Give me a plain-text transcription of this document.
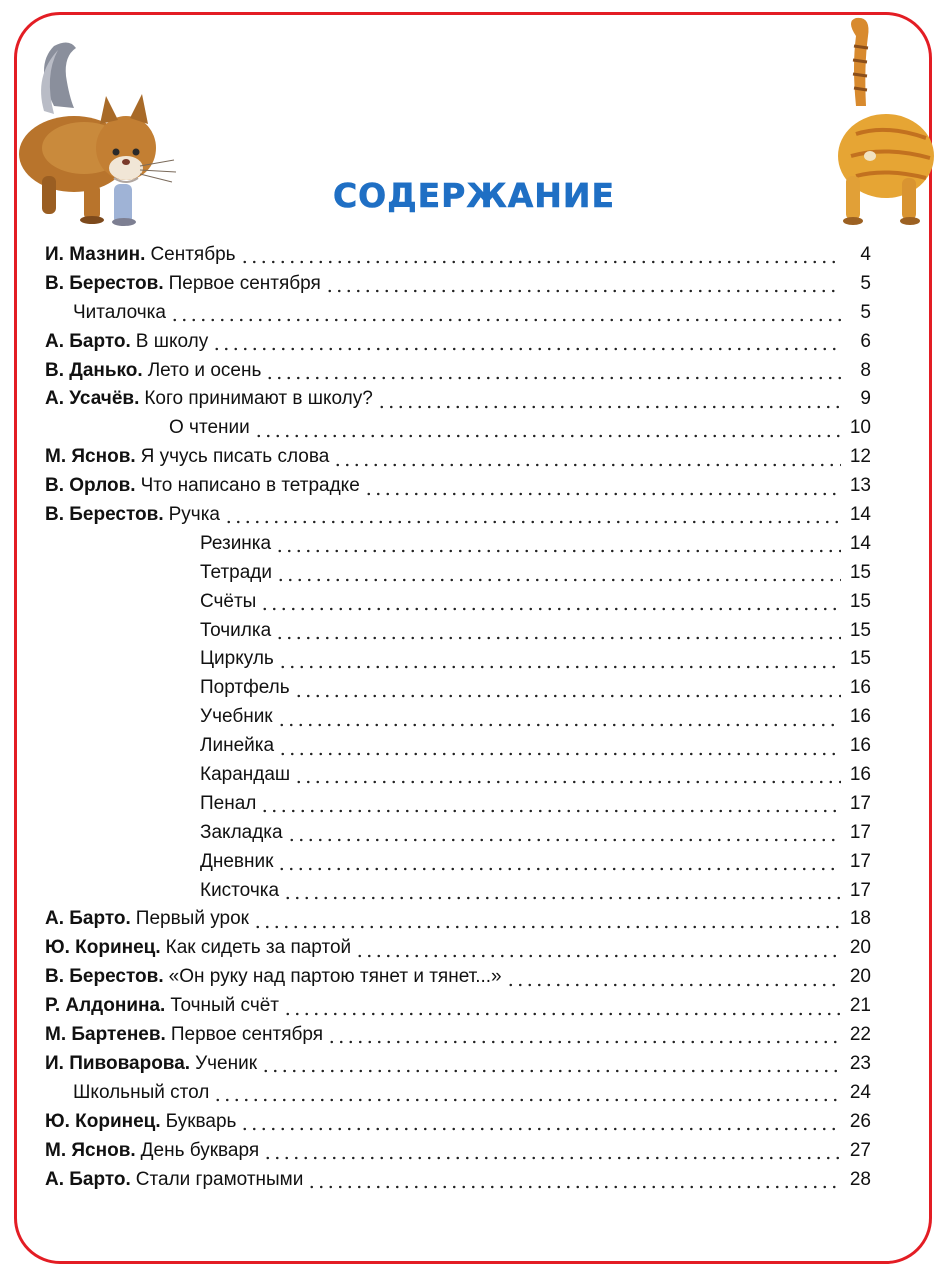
СОДЕРЖАНИЕ
И. Мазнин. Сентябрь	4
В. Берестов. Первое сентября	5
Читалочка	5
А. Барто. В школу	6
В. Данько. Лето и осень	8
А. Усачёв. Кого принимают в школу?	9
О чтении	10
М. Яснов. Я учусь писать слова	12
В. Орлов. Что написано в тетрадке	13
В. Берестов. Ручка	14
Резинка	14
Тетради	15
Счёты	15
Точилка	15
Циркуль	15
Портфель	16
Учебник	16
Линейка	16
Карандаш	16
Пенал	17
Закладка	17
Дневник	17
Кисточка	17
А. Барто. Первый урок	18
Ю. Коринец. Как сидеть за партой	20
В. Берестов. «Он руку над партою тянет и тянет...»	20
Р. Алдонина. Точный счёт	21
М. Бартенев. Первое сентября	22
И. Пивоварова. Ученик	23
Школьный стол	24
Ю. Коринец. Букварь	26
М. Яснов. День букваря	27
А. Барто. Стали грамотными	28
